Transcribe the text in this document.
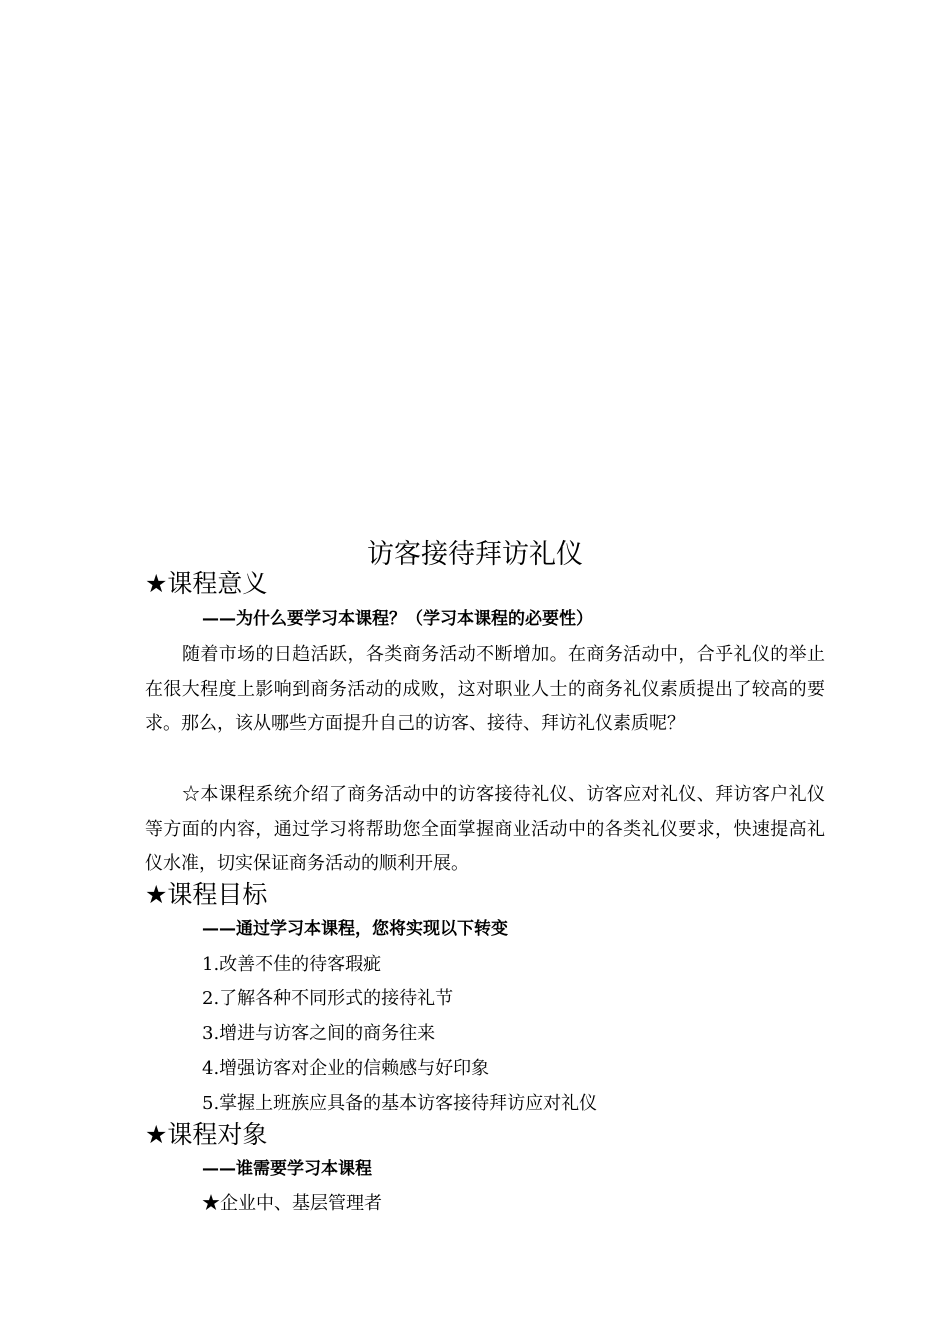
访客接待拜访礼仪
★课程意义
——为什么要学习本课程？（学习本课程的必要性）

随着市场的日趋活跃，各类商务活动不断增加。在商务活动中，合乎礼仪的举止在很大程度上影响到商务活动的成败，这对职业人士的商务礼仪素质提出了较高的要求。那么，该从哪些方面提升自己的访客、接待、拜访礼仪素质呢？

☆本课程系统介绍了商务活动中的访客接待礼仪、访客应对礼仪、拜访客户礼仪等方面的内容，通过学习将帮助您全面掌握商业活动中的各类礼仪要求，快速提高礼仪水准，切实保证商务活动的顺利开展。

★课程目标
——通过学习本课程，您将实现以下转变
1.改善不佳的待客瑕疵
2.了解各种不同形式的接待礼节
3.增进与访客之间的商务往来
4.增强访客对企业的信赖感与好印象
5.掌握上班族应具备的基本访客接待拜访应对礼仪
★课程对象
——谁需要学习本课程
★企业中、基层管理者
